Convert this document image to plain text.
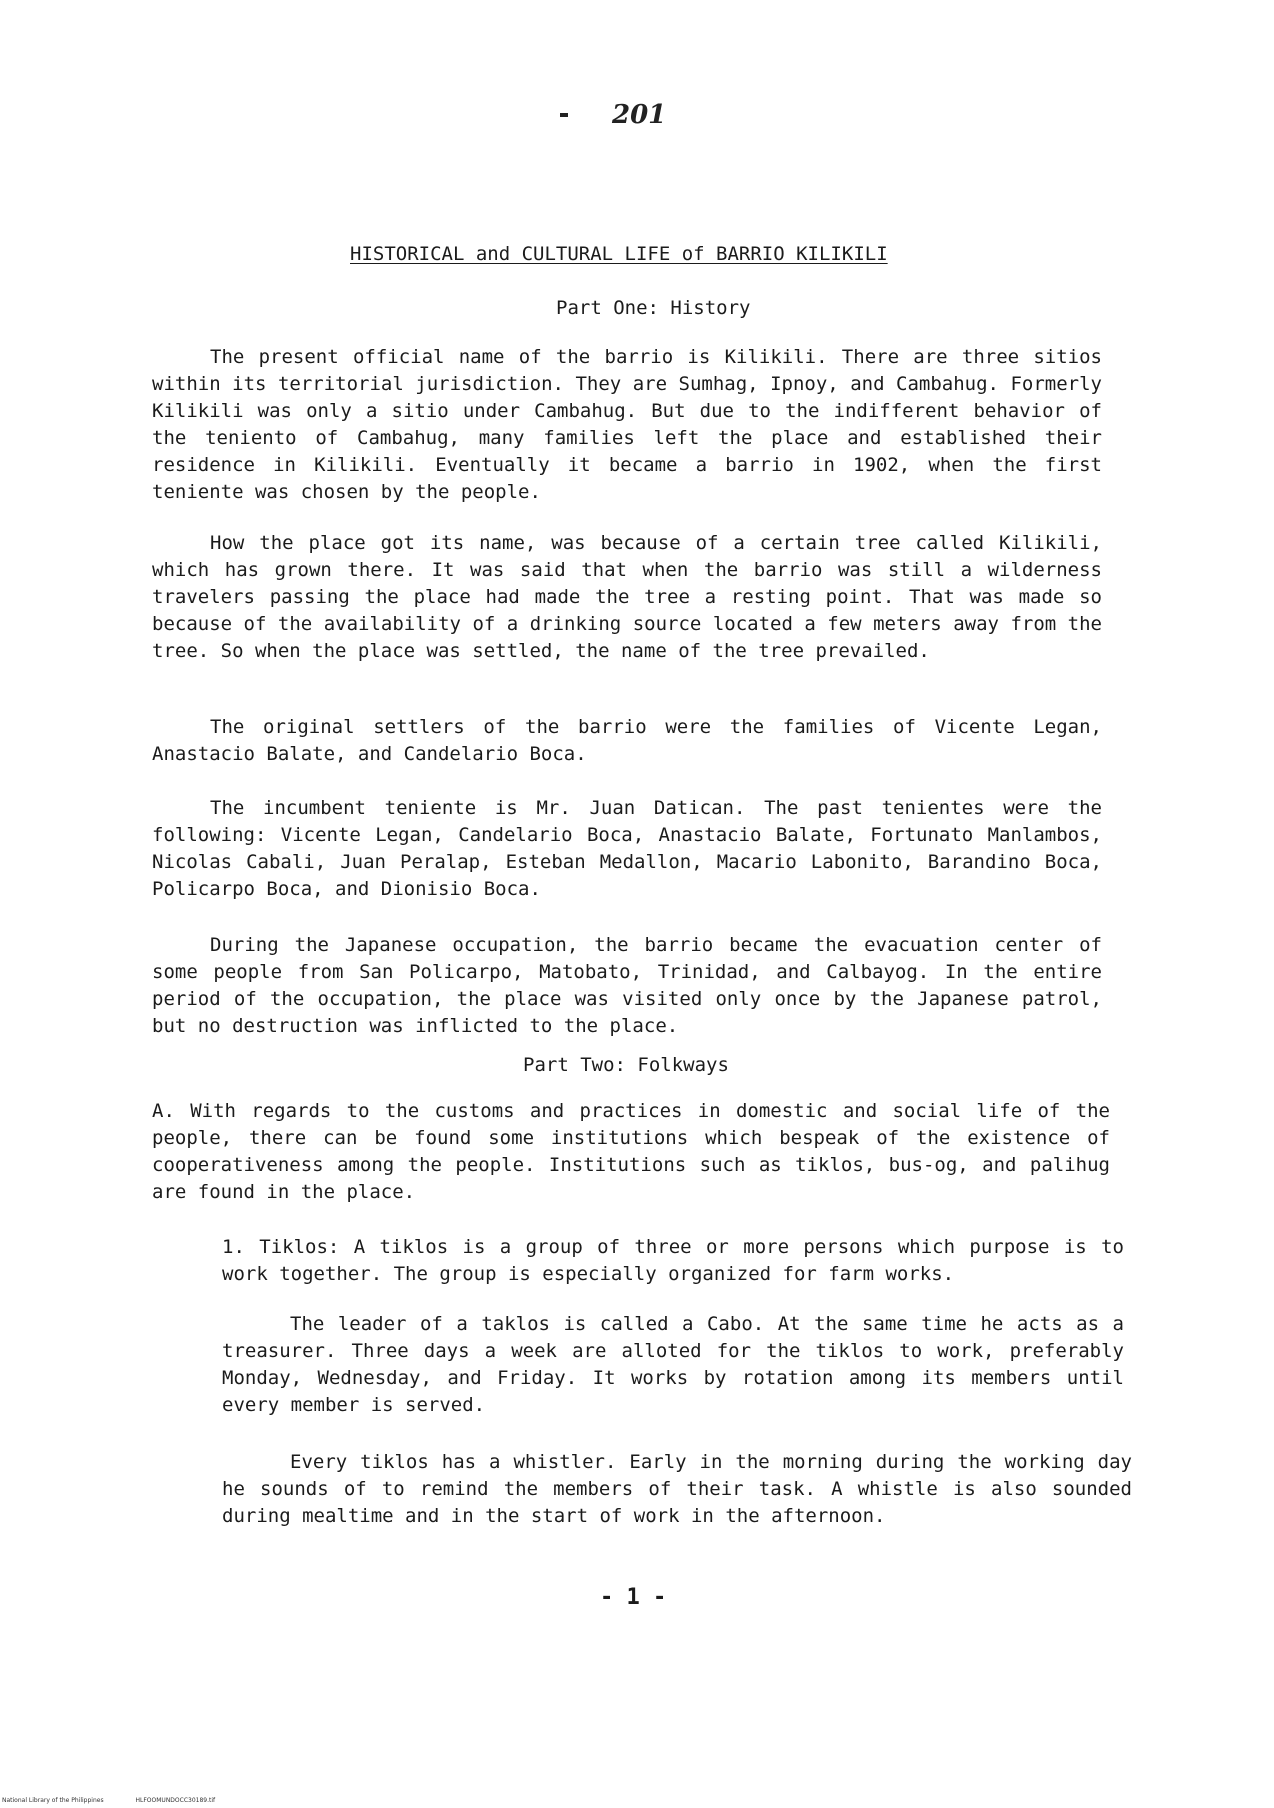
201
HISTORICAL and CULTURAL LIFE of BARRIO KILIKILI
Part One: History

The present official name of the barrio is Kilikili. There are three sitios within its territorial jurisdiction. They are Sumhag, Ipnoy, and Cambahug. Formerly Kilikili was only a sitio under Cambahug. But due to the indifferent behavior of the teniento of Cambahug, many families left the place and established their residence in Kilikili. Eventually it became a barrio in 1902, when the first teniente was chosen by the people.

How the place got its name, was because of a certain tree called Kilikili, which has grown there. It was said that when the barrio was still a wilderness travelers passing the place had made the tree a resting point. That was made so because of the availability of a drinking source located a few meters away from the tree. So when the place was settled, the name of the tree prevailed.

The original settlers of the barrio were the families of Vicente Legan, Anastacio Balate, and Candelario Boca.

The incumbent teniente is Mr. Juan Datican. The past tenientes were the following: Vicente Legan, Candelario Boca, Anastacio Balate, Fortunato Manlambos, Nicolas Cabali, Juan Peralap, Esteban Medallon, Macario Labonito, Barandino Boca, Policarpo Boca, and Dionisio Boca.

During the Japanese occupation, the barrio became the evacuation center of some people from San Policarpo, Matobato, Trinidad, and Calbayog. In the entire period of the occupation, the place was visited only once by the Japanese patrol, but no destruction was inflicted to the place.

Part Two: Folkways

A. With regards to the customs and practices in domestic and social life of the people, there can be found some institutions which bespeak of the existence of cooperativeness among the people. Institutions such as tiklos, bus-og, and palihug are found in the place.

1. Tiklos: A tiklos is a group of three or more persons which purpose is to work together. The group is especially organized for farm works.

The leader of a taklos is called a Cabo. At the same time he acts as a treasurer. Three days a week are alloted for the tiklos to work, preferably Monday, Wednesday, and Friday. It works by rotation among its members until every member is served.

Every tiklos has a whistler. Early in the morning during the working day he sounds of to remind the members of their task. A whistle is also sounded during mealtime and in the start of work in the afternoon.

- 1 -
National Library of the Philippines	HLFOOMUNDOCC30189.tif
